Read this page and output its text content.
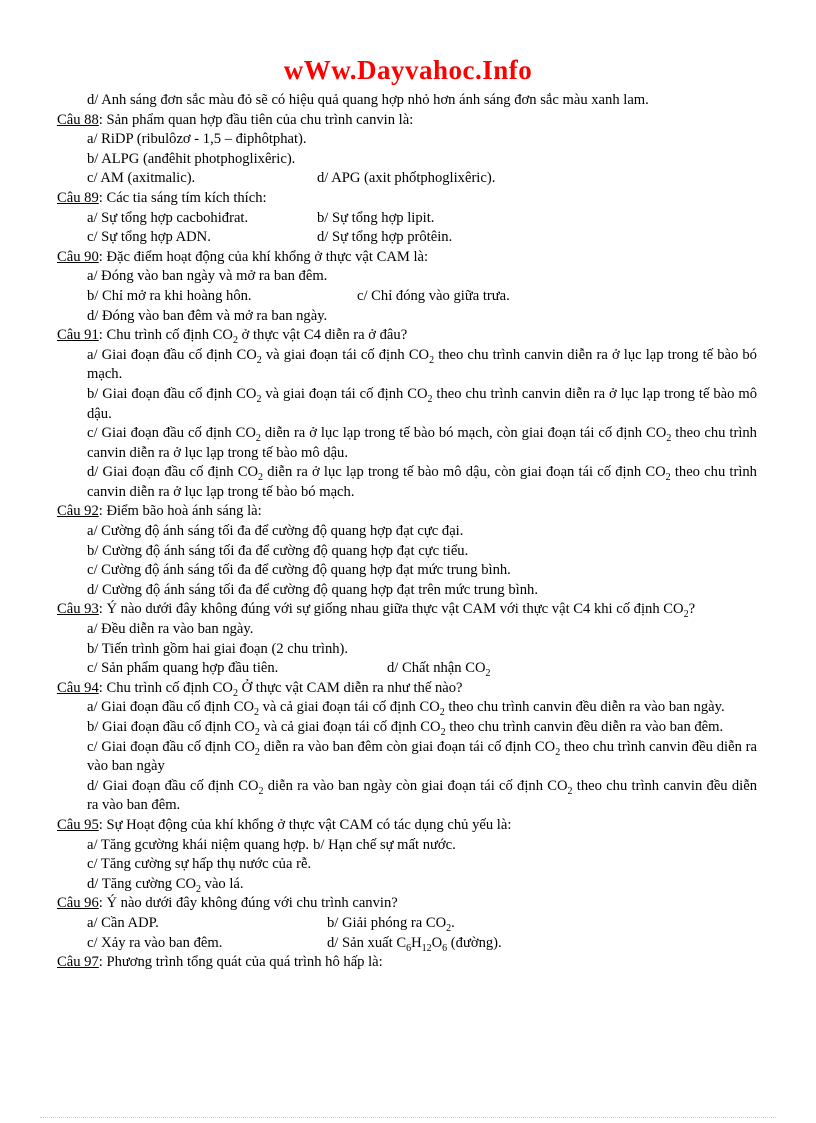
wWw.Dayvahoc.Info

d/ Anh sáng đơn sắc màu đỏ sẽ có hiệu quả quang hợp nhỏ hơn ánh sáng đơn sắc màu xanh lam.

Câu 88: Sản phẩm quan hợp đầu tiên của chu trình canvin là:

a/ RiDP (ribulôzơ - 1,5 – điphôtphat).

b/ ALPG (anđêhit photphoglixêric).

c/ AM (axitmalic).	d/ APG (axit phốtphoglixêric).

Câu 89: Các tia sáng tím kích thích:

a/ Sự tổng hợp cacbohiđrat.	b/ Sự tổng hợp lipit.
c/ Sự tổng hợp ADN.	d/ Sự tổng hợp prôtêin.

Câu 90: Đặc điểm hoạt động của khí khổng ở thực vật CAM là:

a/ Đóng vào ban ngày và mở ra ban đêm.

b/ Chỉ mở ra khi hoàng hôn.	c/ Chỉ đóng vào giữa trưa.

d/ Đóng vào ban đêm và mở ra ban ngày.

Câu 91: Chu trình cố định $CO_2$ ở thực vật C4 diễn ra ở đâu?

a/ Giai đoạn đầu cố định $CO_2$ và giai đoạn tái cố định $CO_2$ theo chu trình canvin diễn ra ở lục lạp trong tế bào bó mạch.

b/ Giai đoạn đầu cố định $CO_2$ và giai đoạn tái cố định $CO_2$ theo chu trình canvin diễn ra ở lục lạp trong tế bào mô dậu.

c/ Giai đoạn đầu cố định $CO_2$ diễn ra ở lục lạp trong tế bào bó mạch, còn giai đoạn tái cố định $CO_2$ theo chu trình canvin diễn ra ở lục lạp trong tế bào mô dậu.

d/ Giai đoạn đầu cố định $CO_2$ diễn ra ở lục lạp trong tế bào mô dậu, còn giai đoạn tái cố định $CO_2$ theo chu trình canvin diễn ra ở lục lạp trong tế bào bó mạch.

Câu 92: Điểm bão hoà ánh sáng là:

a/ Cường độ ánh sáng tối đa để cường độ quang hợp đạt cực đại.

b/ Cường độ ánh sáng tối đa để cường độ quang hợp đạt cực tiểu.

c/ Cường độ ánh sáng tối đa để cường độ quang hợp đạt mức trung bình.

d/ Cường độ ánh sáng tối đa để cường độ quang hợp đạt trên mức trung bình.

Câu 93: Ý nào dưới đây không đúng với sự giống nhau giữa thực vật CAM với thực vật C4 khi cố định $CO_2$?

a/ Đều diễn ra vào ban ngày.

b/ Tiến trình gồm hai giai đoạn (2 chu trình).

c/ Sản phẩm quang hợp đầu tiên.	d/ Chất nhận $CO_2$

Câu 94: Chu trình cố định $CO_2$ Ở thực vật CAM diễn ra như thế nào?

a/ Giai đoạn đầu cố định $CO_2$ và cả giai đoạn tái cố định $CO_2$ theo chu trình canvin đều diễn ra vào ban ngày.

b/ Giai đoạn đầu cố định $CO_2$ và cả giai đoạn tái cố định $CO_2$ theo chu trình canvin đều diễn ra vào ban đêm.

c/ Giai đoạn đầu cố định $CO_2$ diễn ra vào ban đêm còn giai đoạn tái cố định $CO_2$ theo chu trình canvin đều diễn ra vào ban ngày

d/ Giai đoạn đầu cố định $CO_2$ diễn ra vào ban ngày còn giai đoạn tái cố định $CO_2$ theo chu trình canvin đều diễn ra vào ban đêm.

Câu 95: Sự Hoạt động của khí khổng ở thực vật CAM có tác dụng chủ yếu là:

a/ Tăng gcường khái niệm quang hợp. b/ Hạn chế sự mất nước.

c/ Tăng cường sự hấp thụ nước của rễ.

d/ Tăng cường $CO_2$ vào lá.

Câu 96: Ý nào dưới đây không đúng với chu trình canvin?

a/ Cần ADP.	b/ Giải phóng ra $CO_2$.
c/ Xảy ra vào ban đêm.	d/ Sản xuất $C_6H_{12}O_6$ (đường).

Câu 97: Phương trình tổng quát của quá trình hô hấp là:
